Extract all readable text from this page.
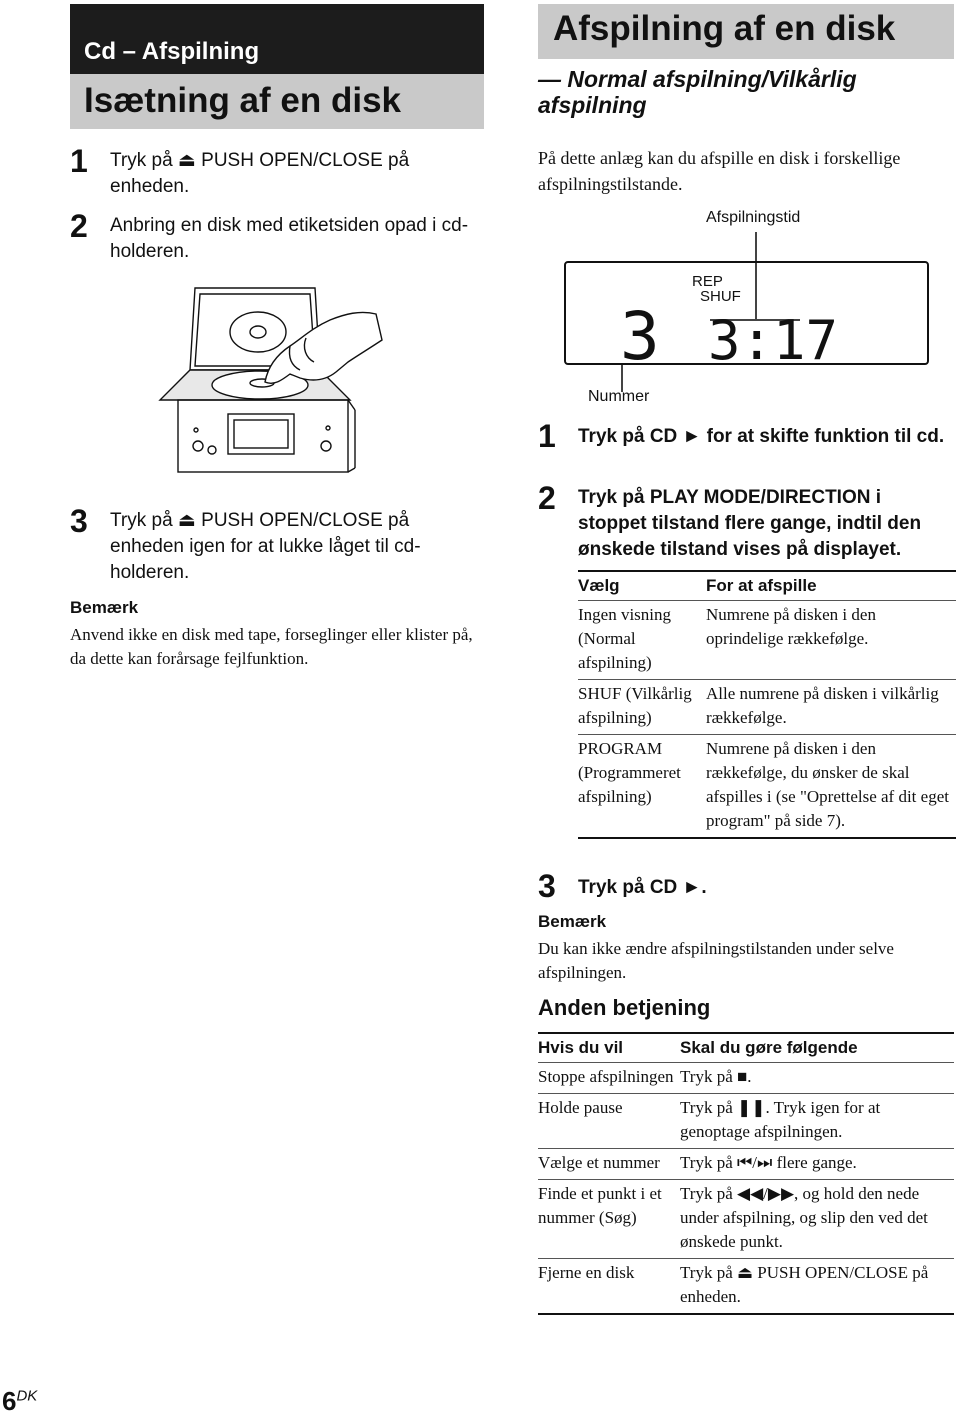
Cd – Afspilning
Isætning af en disk
1 Tryk på ⏏ PUSH OPEN/CLOSE på enheden.
2 Anbring en disk med etiketsiden opad i cd-holderen.
3 Tryk på ⏏ PUSH OPEN/CLOSE på enheden igen for at lukke låget til cd-holderen.
Bemærk
Anvend ikke en disk med tape, forseglinger eller klister på, da dette kan forårsage fejlfunktion.
Afspilning af en disk
— Normal afspilning/Vilkårlig afspilning
På dette anlæg kan du afspille en disk i forskellige afspilningstilstande.
Afspilningstid
REP
SHUF
3 3:17
Nummer
1 Tryk på CD ► for at skifte funktion til cd.
2 Tryk på PLAY MODE/DIRECTION i stoppet tilstand flere gange, indtil den ønskede tilstand vises på displayet.
Vælg	For at afspille
Ingen visning (Normal afspilning)	Numrene på disken i den oprindelige rækkefølge.
SHUF (Vilkårlig afspilning)	Alle numrene på disken i vilkårlig rækkefølge.
PROGRAM (Programmeret afspilning)	Numrene på disken i den rækkefølge, du ønsker de skal afspilles i (se "Oprettelse af dit eget program" på side 7).
3 Tryk på CD ►.
Bemærk
Du kan ikke ændre afspilningstilstanden under selve afspilningen.
Anden betjening
Hvis du vil	Skal du gøre følgende
Stoppe afspilningen	Tryk på ■.
Holde pause	Tryk på ❚❚. Tryk igen for at genoptage afspilningen.
Vælge et nummer	Tryk på ⏮/⏭ flere gange.
Finde et punkt i et nummer (Søg)	Tryk på ◀◀/▶▶, og hold den nede under afspilning, og slip den ved det ønskede punkt.
Fjerne en disk	Tryk på ⏏ PUSH OPEN/CLOSE på enheden.
$6^{DK}$
